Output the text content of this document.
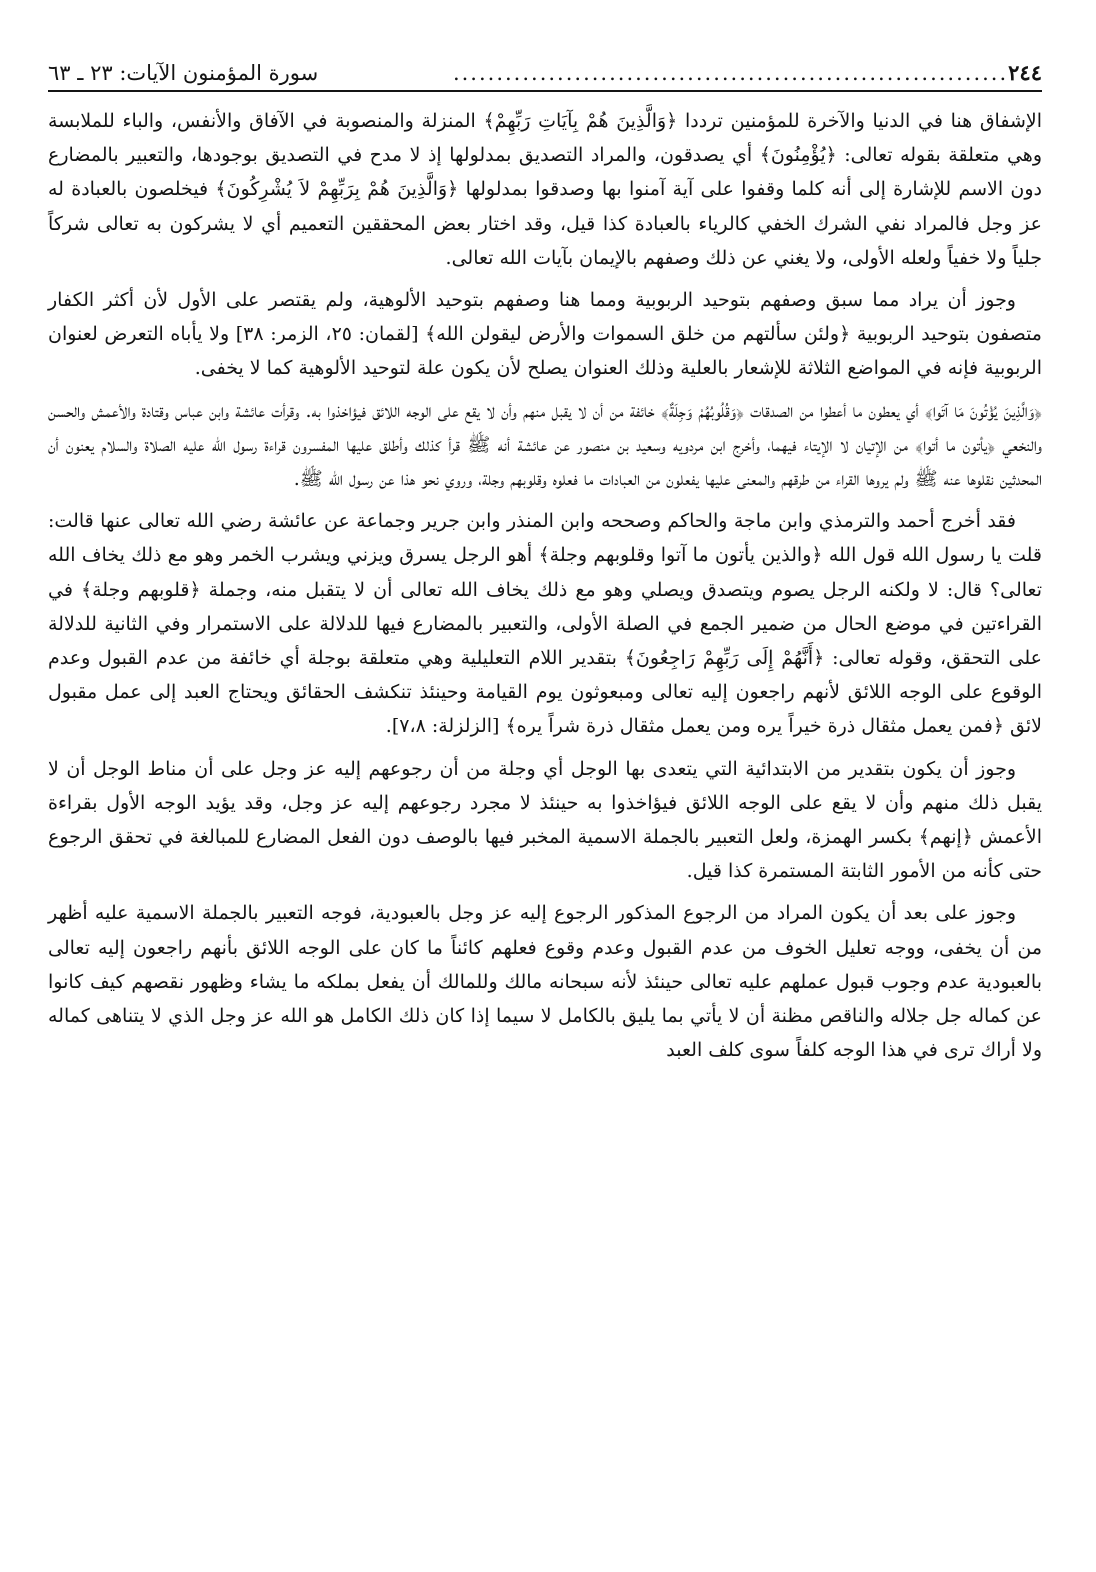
٢٤٤
................................................................
سورة المؤمنون الآيات: ٢٣ ـ ٦٣

الإشفاق هنا في الدنيا والآخرة للمؤمنين ترددا ﴿وَالَّذِينَ هُمْ بِآيَاتِ رَبِّهِمْ﴾ المنزلة والمنصوبة في الآفاق والأنفس، والباء للملابسة وهي متعلقة بقوله تعالى: ﴿يُؤْمِنُونَ﴾ أي يصدقون، والمراد التصديق بمدلولها إذ لا مدح في التصديق بوجودها، والتعبير بالمضارع دون الاسم للإشارة إلى أنه كلما وقفوا على آية آمنوا بها وصدقوا بمدلولها ﴿وَالَّذِينَ هُمْ بِرَبِّهِمْ لاَ يُشْرِكُونَ﴾ فيخلصون بالعبادة له عز وجل فالمراد نفي الشرك الخفي كالرياء بالعبادة كذا قيل، وقد اختار بعض المحققين التعميم أي لا يشركون به تعالى شركاً جلياً ولا خفياً ولعله الأولى، ولا يغني عن ذلك وصفهم بالإيمان بآيات الله تعالى.

وجوز أن يراد مما سبق وصفهم بتوحيد الربوبية ومما هنا وصفهم بتوحيد الألوهية، ولم يقتصر على الأول لأن أكثر الكفار متصفون بتوحيد الربوبية ﴿ولئن سألتهم من خلق السموات والأرض ليقولن الله﴾ [لقمان: ٢٥، الزمر: ٣٨] ولا يأباه التعرض لعنوان الربوبية فإنه في المواضع الثلاثة للإشعار بالعلية وذلك العنوان يصلح لأن يكون علة لتوحيد الألوهية كما لا يخفى.

﴿وَالَّذِينَ يُؤْتُونَ مَا آتَوا﴾ أي يعطون ما أعطوا من الصدقات ﴿وَقُلُوبُهُمْ وَجِلَةٌ﴾ خائفة من أن لا يقبل منهم وأن لا يقع على الوجه اللائق فيؤاخذوا به. وقرأت عائشة وابن عباس وقتادة والأعمش والحسن والنخعي ﴿يأتون ما أتوا﴾ من الإتيان لا الإيتاء فيهما، وأخرج ابن مردويه وسعيد بن منصور عن عائشة أنه ﷺ قرأ كذلك وأطلق عليها المفسرون قراءة رسول الله عليه الصلاة والسلام يعنون أن المحدثين نقلوها عنه ﷺ ولم يروها القراء من طرقهم والمعنى عليها يفعلون من العبادات ما فعلوه وقلوبهم وجلة، وروي نحو هذا عن رسول الله ﷺ.

فقد أخرج أحمد والترمذي وابن ماجة والحاكم وصححه وابن المنذر وابن جرير وجماعة عن عائشة رضي الله تعالى عنها قالت: قلت يا رسول الله قول الله ﴿والذين يأتون ما آتوا وقلوبهم وجلة﴾ أهو الرجل يسرق ويزني ويشرب الخمر وهو مع ذلك يخاف الله تعالى؟ قال: لا ولكنه الرجل يصوم ويتصدق ويصلي وهو مع ذلك يخاف الله تعالى أن لا يتقبل منه، وجملة ﴿قلوبهم وجلة﴾ في القراءتين في موضع الحال من ضمير الجمع في الصلة الأولى، والتعبير بالمضارع فيها للدلالة على الاستمرار وفي الثانية للدلالة على التحقق، وقوله تعالى: ﴿أَنَّهُمْ إِلَى رَبِّهِمْ رَاجِعُونَ﴾ بتقدير اللام التعليلية وهي متعلقة بوجلة أي خائفة من عدم القبول وعدم الوقوع على الوجه اللائق لأنهم راجعون إليه تعالى ومبعوثون يوم القيامة وحينئذ تنكشف الحقائق ويحتاج العبد إلى عمل مقبول لائق ﴿فمن يعمل مثقال ذرة خيراً يره ومن يعمل مثقال ذرة شراً يره﴾ [الزلزلة: ٧،٨].

وجوز أن يكون بتقدير من الابتدائية التي يتعدى بها الوجل أي وجلة من أن رجوعهم إليه عز وجل على أن مناط الوجل أن لا يقبل ذلك منهم وأن لا يقع على الوجه اللائق فيؤاخذوا به حينئذ لا مجرد رجوعهم إليه عز وجل، وقد يؤيد الوجه الأول بقراءة الأعمش ﴿إنهم﴾ بكسر الهمزة، ولعل التعبير بالجملة الاسمية المخبر فيها بالوصف دون الفعل المضارع للمبالغة في تحقق الرجوع حتى كأنه من الأمور الثابتة المستمرة كذا قيل.

وجوز على بعد أن يكون المراد من الرجوع المذكور الرجوع إليه عز وجل بالعبودية، فوجه التعبير بالجملة الاسمية عليه أظهر من أن يخفى، ووجه تعليل الخوف من عدم القبول وعدم وقوع فعلهم كائناً ما كان على الوجه اللائق بأنهم راجعون إليه تعالى بالعبودية عدم وجوب قبول عملهم عليه تعالى حينئذ لأنه سبحانه مالك وللمالك أن يفعل بملكه ما يشاء وظهور نقصهم كيف كانوا عن كماله جل جلاله والناقص مظنة أن لا يأتي بما يليق بالكامل لا سيما إذا كان ذلك الكامل هو الله عز وجل الذي لا يتناهى كماله ولا أراك ترى في هذا الوجه كلفاً سوى كلف العبد
